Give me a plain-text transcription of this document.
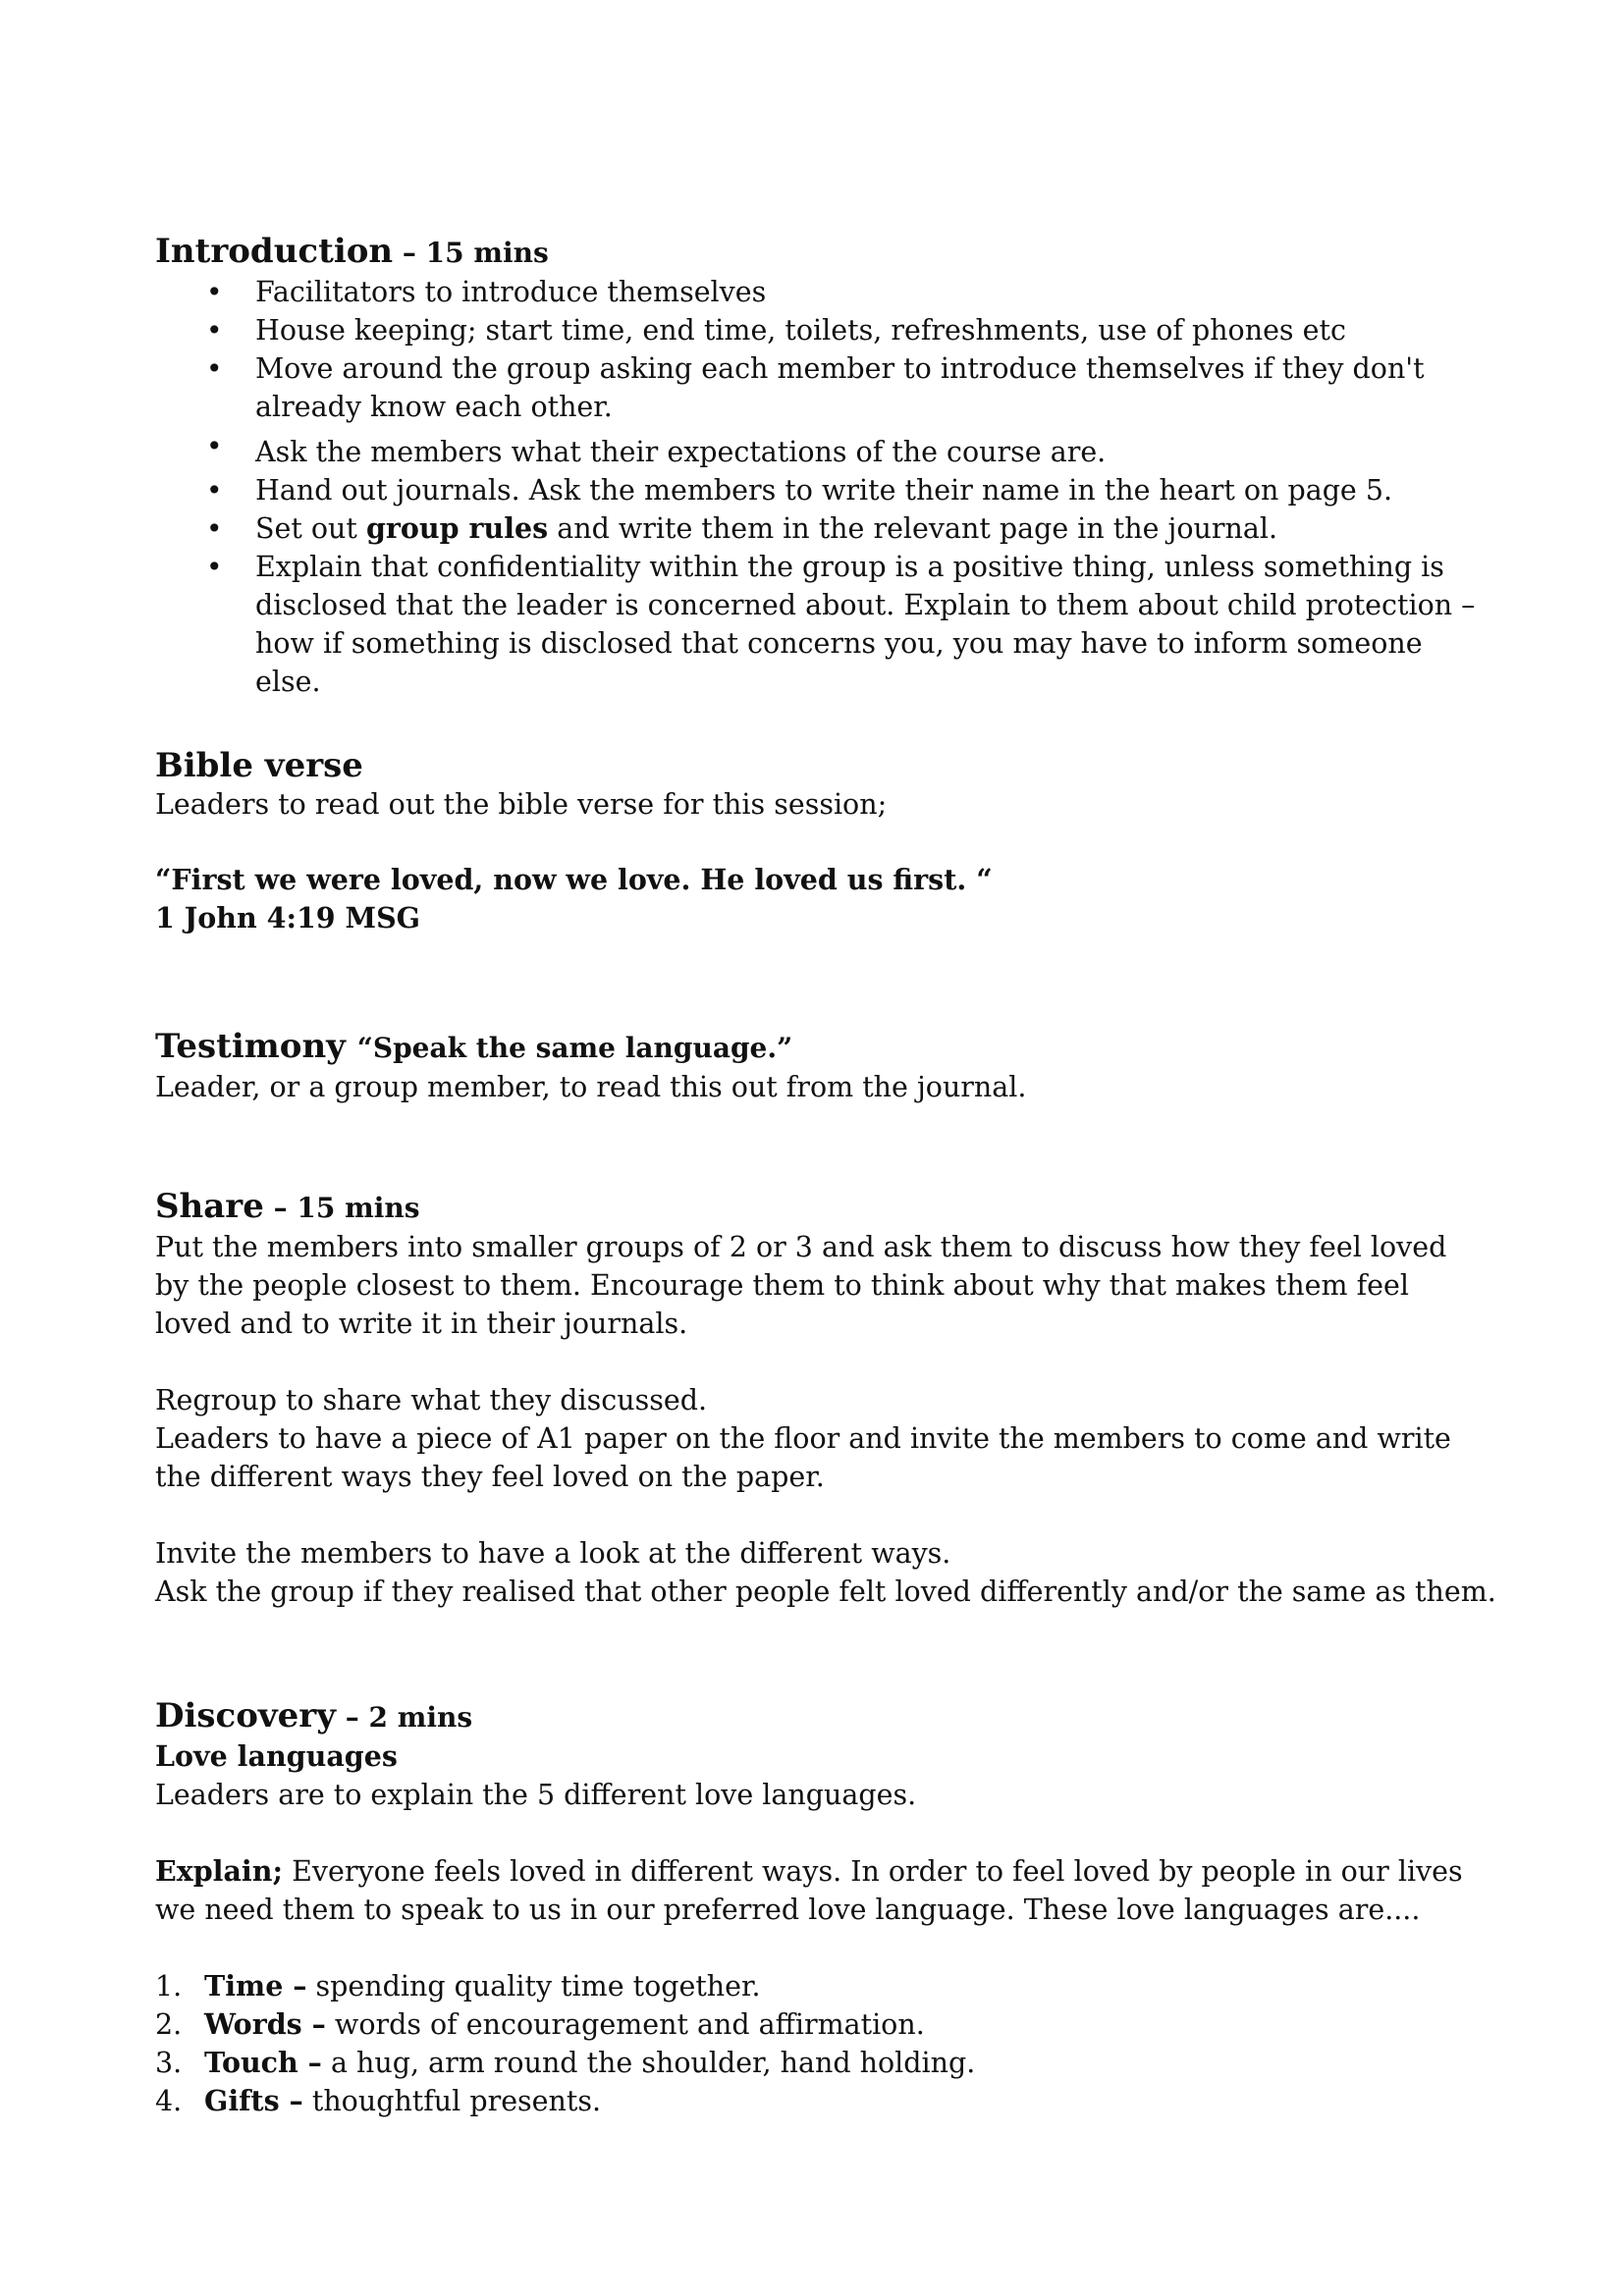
Introduction – 15 mins
• Facilitators to introduce themselves
• House keeping; start time, end time, toilets, refreshments, use of phones etc
• Move around the group asking each member to introduce themselves if they don't already know each other.
• Ask the members what their expectations of the course are.
• Hand out journals. Ask the members to write their name in the heart on page 5.
• Set out group rules and write them in the relevant page in the journal.
• Explain that confidentiality within the group is a positive thing, unless something is disclosed that the leader is concerned about. Explain to them about child protection – how if something is disclosed that concerns you, you may have to inform someone else.
Bible verse

Leaders to read out the bible verse for this session;

“First we were loved, now we love. He loved us first. “

1 John 4:19 MSG

Testimony “Speak the same language.”

Leader, or a group member, to read this out from the journal.

Share – 15 mins

Put the members into smaller groups of 2 or 3 and ask them to discuss how they feel loved by the people closest to them. Encourage them to think about why that makes them feel loved and to write it in their journals.

Regroup to share what they discussed.

Leaders to have a piece of A1 paper on the floor and invite the members to come and write the different ways they feel loved on the paper.

Invite the members to have a look at the different ways.

Ask the group if they realised that other people felt loved differently and/or the same as them.

Discovery – 2 mins

Love languages

Leaders are to explain the 5 different love languages.

Explain; Everyone feels loved in different ways. In order to feel loved by people in our lives we need them to speak to us in our preferred love language. These love languages are....

1. Time – spending quality time together.
2. Words – words of encouragement and affirmation.
3. Touch – a hug, arm round the shoulder, hand holding.
4. Gifts – thoughtful presents.
